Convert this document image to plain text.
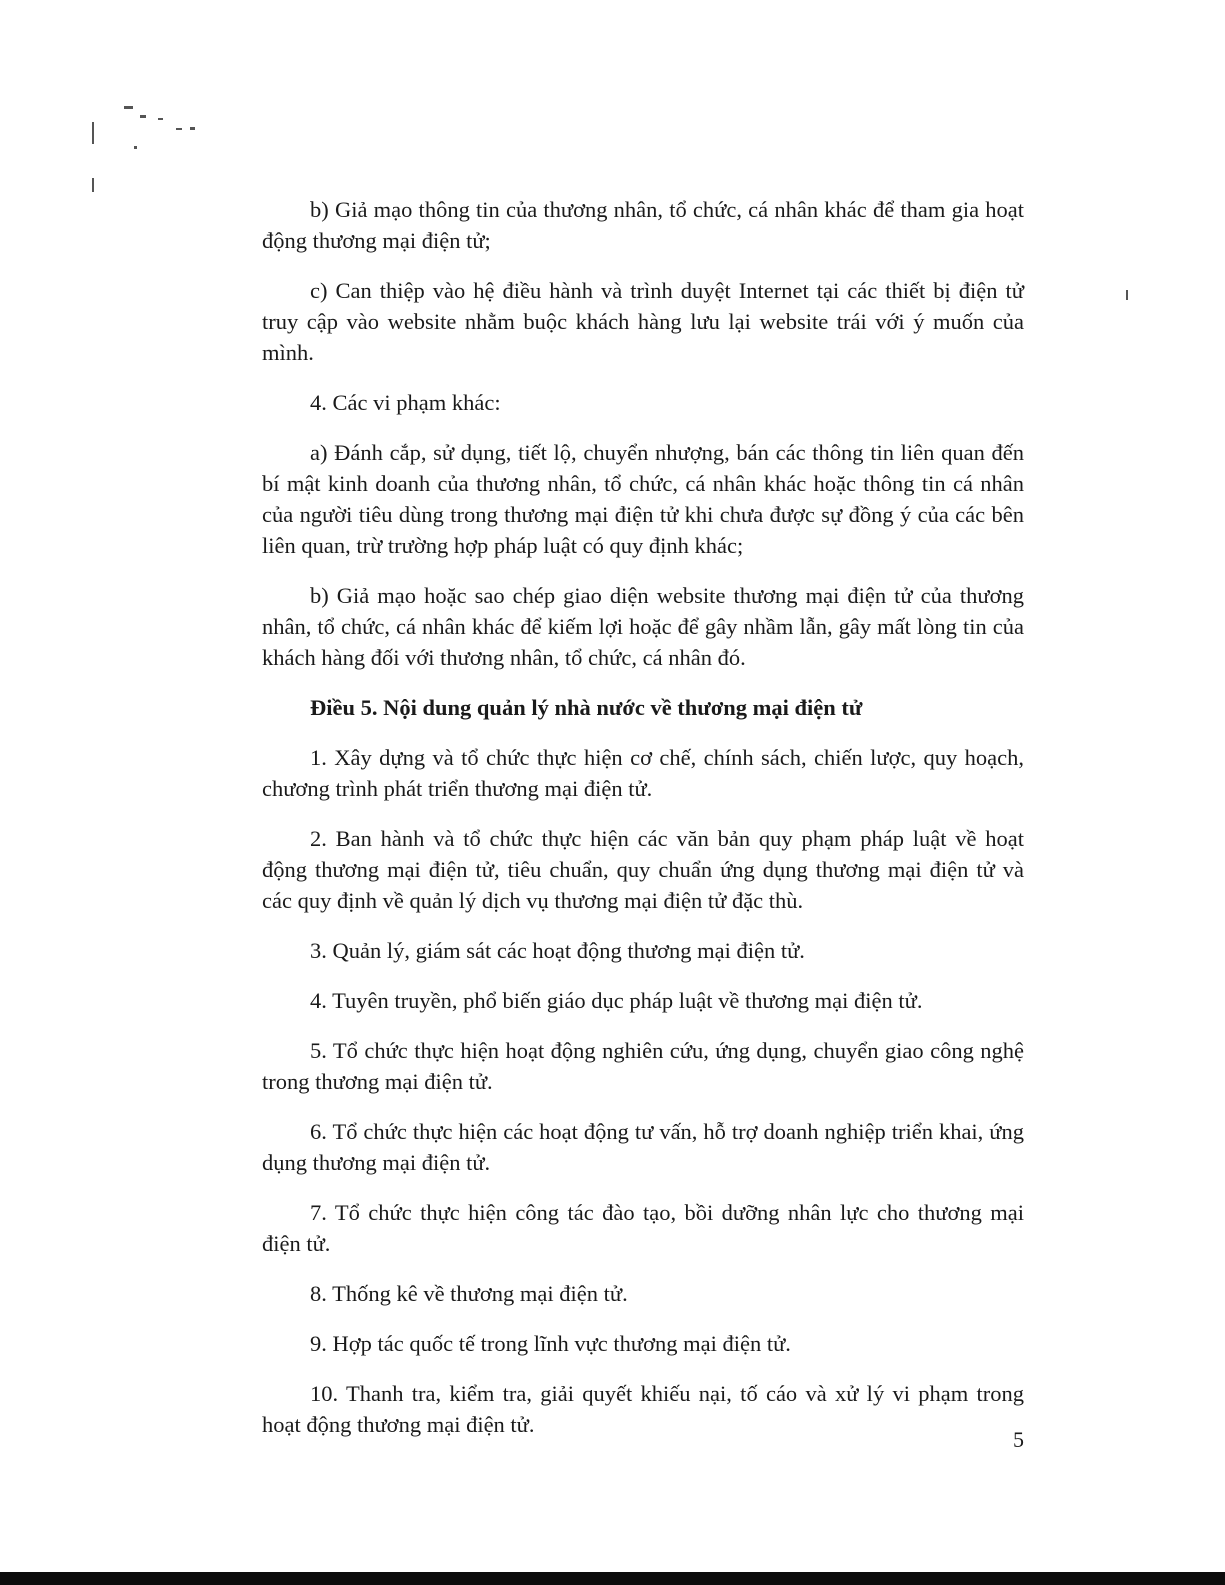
b) Giả mạo thông tin của thương nhân, tổ chức, cá nhân khác để tham gia hoạt động thương mại điện tử;

c) Can thiệp vào hệ điều hành và trình duyệt Internet tại các thiết bị điện tử truy cập vào website nhằm buộc khách hàng lưu lại website trái với ý muốn của mình.

4. Các vi phạm khác:

a) Đánh cắp, sử dụng, tiết lộ, chuyển nhượng, bán các thông tin liên quan đến bí mật kinh doanh của thương nhân, tổ chức, cá nhân khác hoặc thông tin cá nhân của người tiêu dùng trong thương mại điện tử khi chưa được sự đồng ý của các bên liên quan, trừ trường hợp pháp luật có quy định khác;

b) Giả mạo hoặc sao chép giao diện website thương mại điện tử của thương nhân, tổ chức, cá nhân khác để kiếm lợi hoặc để gây nhầm lẫn, gây mất lòng tin của khách hàng đối với thương nhân, tổ chức, cá nhân đó.

Điều 5. Nội dung quản lý nhà nước về thương mại điện tử

1. Xây dựng và tổ chức thực hiện cơ chế, chính sách, chiến lược, quy hoạch, chương trình phát triển thương mại điện tử.

2. Ban hành và tổ chức thực hiện các văn bản quy phạm pháp luật về hoạt động thương mại điện tử, tiêu chuẩn, quy chuẩn ứng dụng thương mại điện tử và các quy định về quản lý dịch vụ thương mại điện tử đặc thù.

3. Quản lý, giám sát các hoạt động thương mại điện tử.

4. Tuyên truyền, phổ biến giáo dục pháp luật về thương mại điện tử.

5. Tổ chức thực hiện hoạt động nghiên cứu, ứng dụng, chuyển giao công nghệ trong thương mại điện tử.

6. Tổ chức thực hiện các hoạt động tư vấn, hỗ trợ doanh nghiệp triển khai, ứng dụng thương mại điện tử.

7. Tổ chức thực hiện công tác đào tạo, bồi dưỡng nhân lực cho thương mại điện tử.

8. Thống kê về thương mại điện tử.

9. Hợp tác quốc tế trong lĩnh vực thương mại điện tử.

10. Thanh tra, kiểm tra, giải quyết khiếu nại, tố cáo và xử lý vi phạm trong hoạt động thương mại điện tử.

5
